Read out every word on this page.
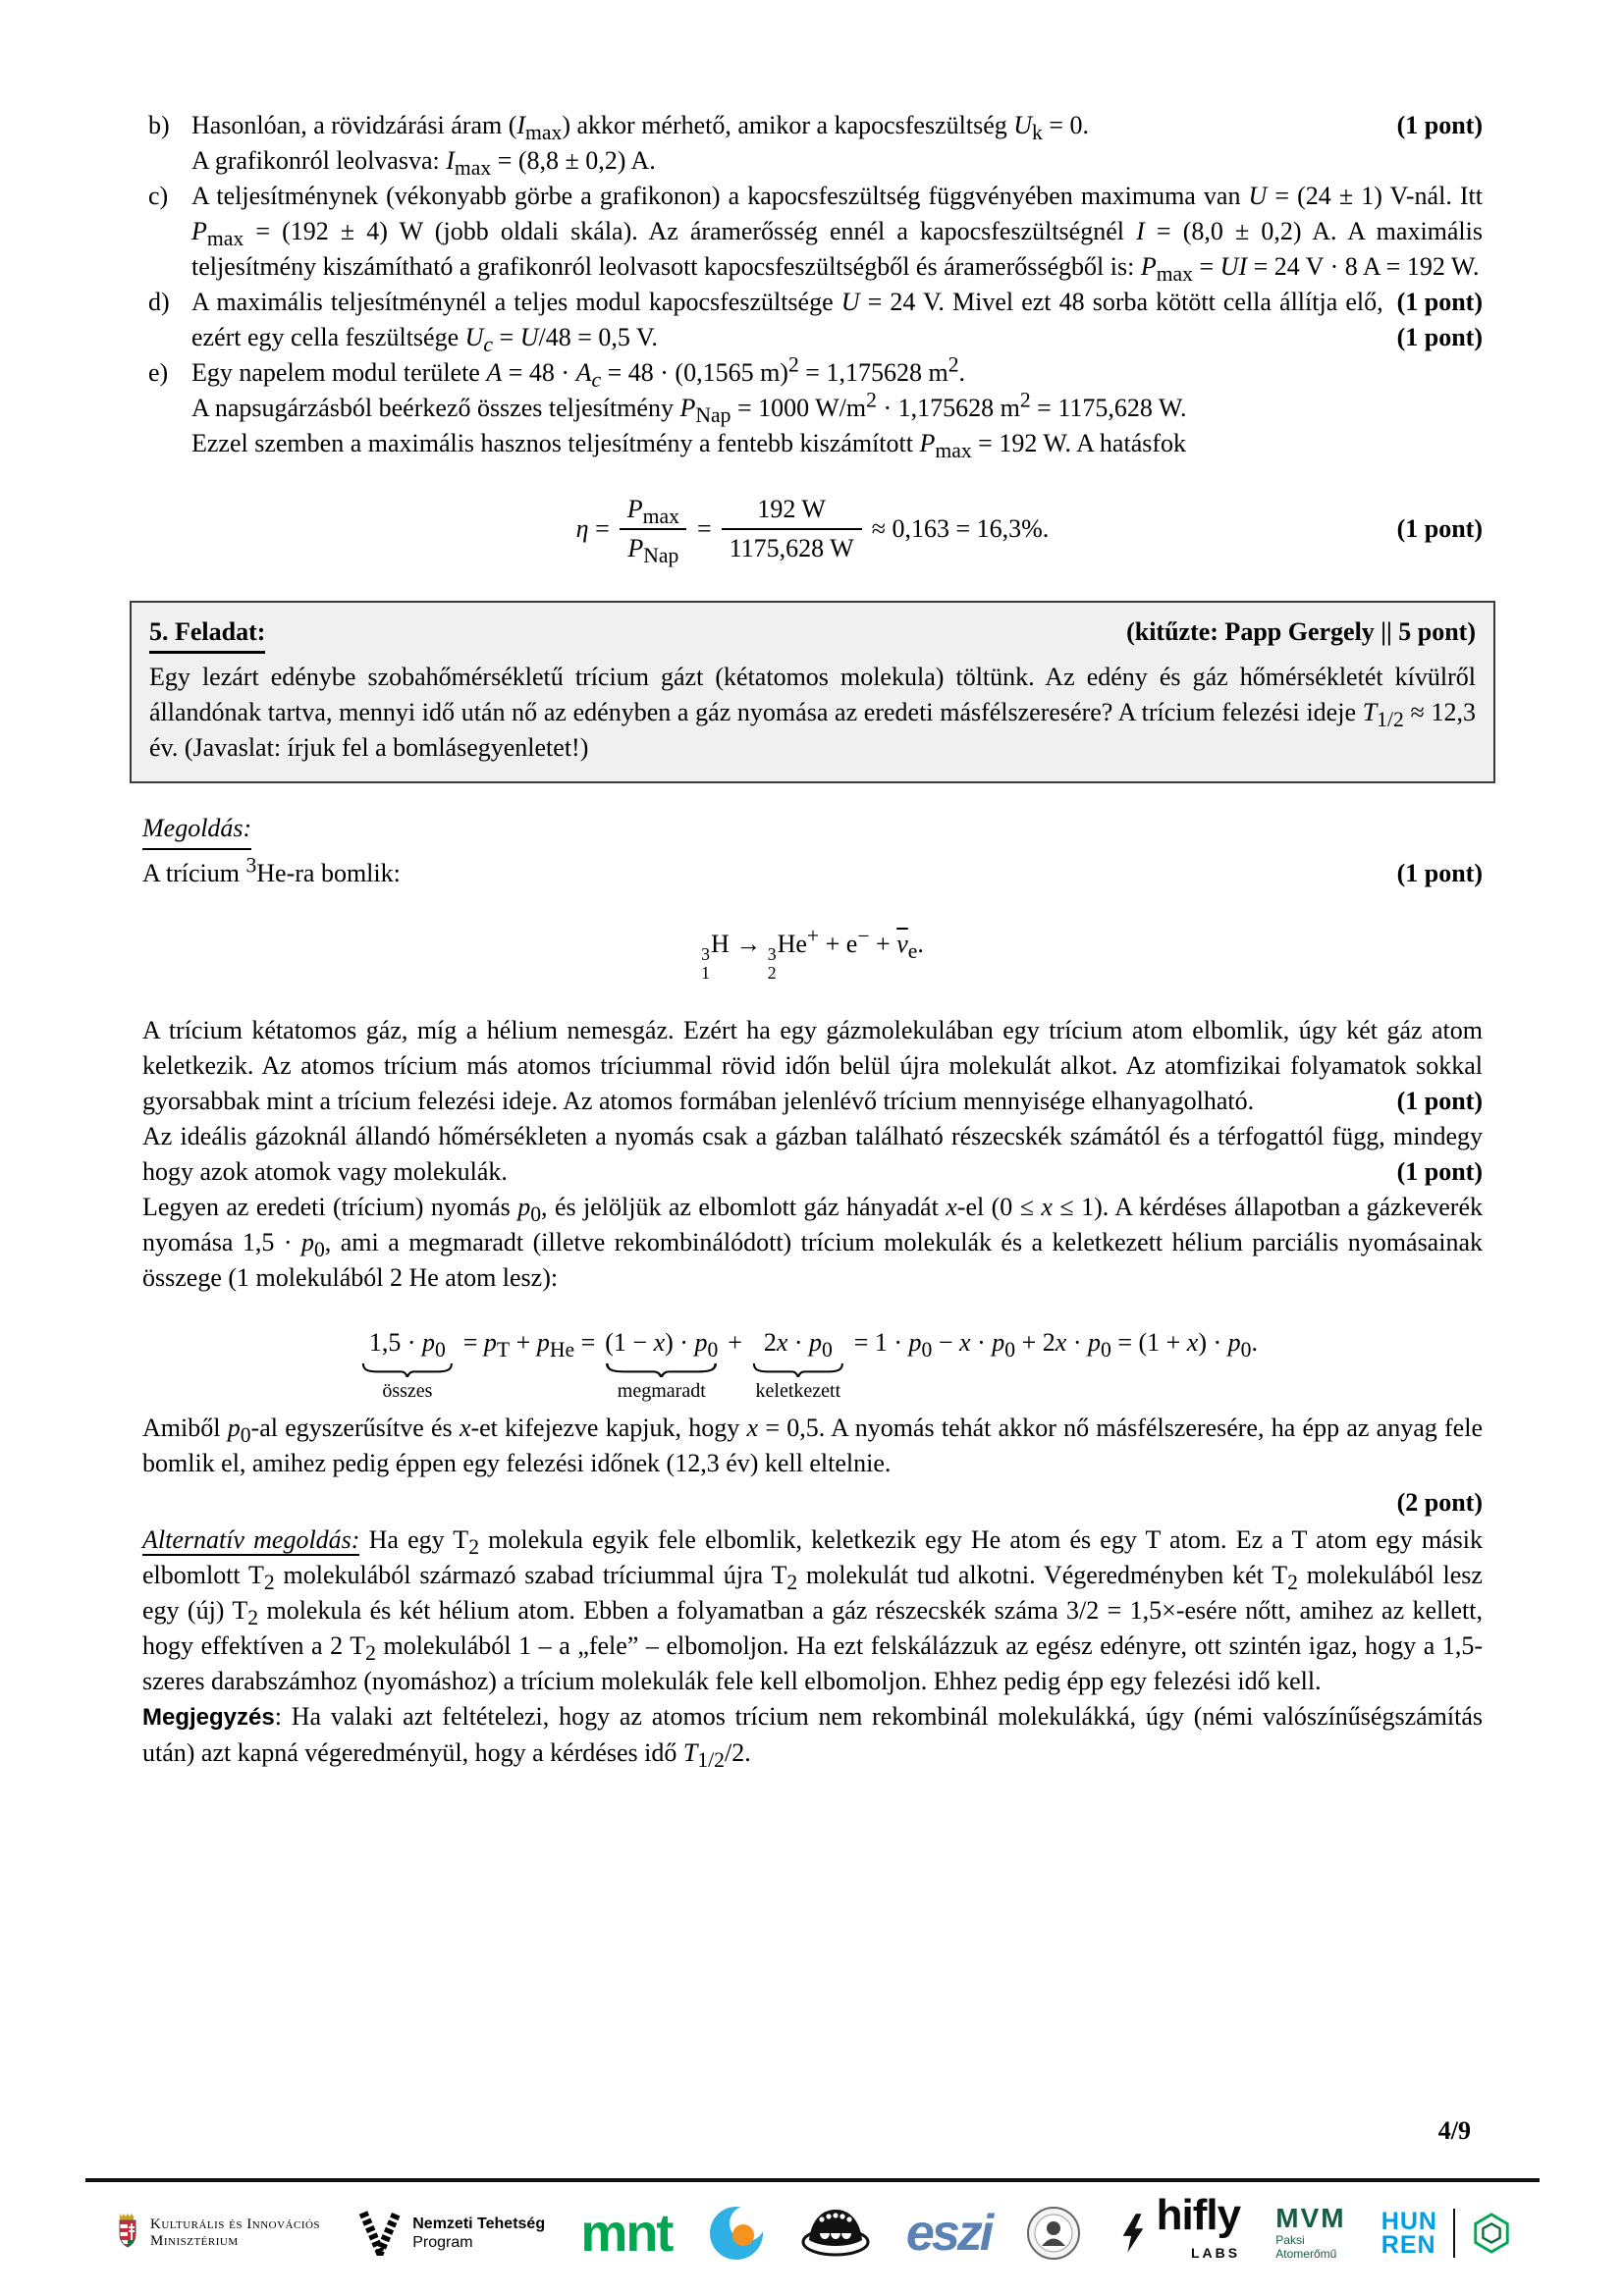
b)	(1 pont)
Hasonlóan, a rövidzárási áram $(I_{max})$ akkor mérhető, amikor a kapocsfeszültség $U_k = 0$.
A grafikonról leolvasva: $I_{max} = (8,8 \pm 0,2)$ A.
c) A teljesítménynek (vékonyabb görbe a grafikonon) a kapocsfeszültség függvényében maximuma van U = (24 ± 1) V-nál. Itt $P_{max} = (192 \pm 4)$ W (jobb oldali skála). Az áramerősség ennél a kapocsfeszültségnél I = (8,0 ± 0,2) A. A maximális teljesítmény kiszámítható a grafikonról leolvasott kapocsfeszültségből és áramerősségből is: $P_{max}$ = UI = 24 V · 8 A = 192 W.
(1 pont)
d) A maximális teljesítménynél a teljes modul kapocsfeszültsége U = 24 V. Mivel ezt 48 sorba kötött cella állítja elő, ezért egy cella feszültsége $U_c = U/48 = 0,5$ V.	(1 pont)
e) Egy napelem modul területe $A = 48 \cdot A_c = 48 \cdot (0,1565$ m)$^2$ = 1,175628 $m^2$.
A napsugárzásból beérkező összes teljesítmény $P_{Nap} = 1000$ $W/m^2 \cdot 1,175628$ $m^2 = 1175,628$ W.
Ezzel szemben a maximális hasznos teljesítmény a fentebb kiszámított $P_{max} = 192$ W. A hatásfok
$\eta = \frac{P_{max}}{P_{Nap}} = \frac{192 W}{1175,628 W} \approx 0,163 = 16,3\%$.	(1 pont)
5. Feladat:	(kitűzte: Papp Gergely || 5 pont)

Egy lezárt edénybe szobahőmérsékletű trícium gázt (kétatomos molekula) töltünk. Az edény és gáz hőmérsékletét kívülről állandónak tartva, mennyi idő után nő az edényben a gáz nyomása az eredeti másfélszeresére? A trícium felezési ideje $T_{1/2} \approx 12,3$ év. (Javaslat: írjuk fel a bomlásegyenletet!)

Megoldás:
(1 pont)
A trícium $^3$He-ra bomlik:
3
1
H → 3
2
$He^+ + e^- + \overline{\nu}_e$.
A trícium kétatomos gáz, míg a hélium nemesgáz. Ezért ha egy gázmolekulában egy trícium atom elbomlik, úgy két gáz atom keletkezik. Az atomos trícium más atomos tríciummal rövid időn belül újra molekulát alkot. Az atomfizikai folyamatok sokkal gyorsabbak mint a trícium felezési ideje. Az atomos formában jelenlévő trícium mennyisége elhanyagolható.	(1 pont)
Az ideális gázoknál állandó hőmérsékleten a nyomás csak a gázban található részecskék számától és a térfogattól függ, mindegy hogy azok atomok vagy molekulák.	(1 pont)
Legyen az eredeti (trícium) nyomás $p_0$, és jelöljük az elbomlott gáz hányadát x-el (0 ≤ x ≤ 1). A kérdéses állapotban a gázkeverék nyomása $1,5 \cdot p_0$, ami a megmaradt (illetve rekombinálódott) trícium molekulák és a keletkezett hélium parciális nyomásainak összege (1 molekulából 2 He atom lesz):
$1,5 \cdot p_0$
összes
= $p_T + p_{He} = (1 - x) \cdot p_0$
megmaradt
+ $2x \cdot p_0$
keletkezett
= $1 \cdot p_0 - x \cdot p_0 + 2x \cdot p_0 = (1 + x) \cdot p_0$.
Amiből $p_0-al$ egyszerűsítve és x-et kifejezve kapjuk, hogy x = 0,5. A nyomás tehát akkor nő másfélszeresére, ha épp az anyag fele bomlik el, amihez pedig éppen egy felezési időnek (12,3 év) kell eltelnie.
(2 pont)
Alternatív megoldás: Ha egy $T_2$ molekula egyik fele elbomlik, keletkezik egy He atom és egy T atom. Ez a T atom egy másik elbomlott $T_2$ molekulából származó szabad tríciummal újra $T_2$ molekulát tud alkotni. Végeredményben két $T_2$ molekulából lesz egy (új) $T_2$ molekula és két hélium atom. Ebben a folyamatban a gáz részecskék száma 3/2 = 1,5×-esére nőtt, amihez az kellett, hogy effektíven a 2 $T_2$ molekulából 1 – a „fele” – elbomoljon. Ha ezt felskálázzuk az egész edényre, ott szintén igaz, hogy a 1,5-szeres darabszámhoz (nyomáshoz) a trícium molekulák fele kell elbomoljon. Ehhez pedig épp egy felezési idő kell.
Megjegyzés: Ha valaki azt feltételezi, hogy az atomos trícium nem rekombinál molekulákká, úgy (némi valószínűségszámítás után) azt kapná végeredményül, hogy a kérdéses idő $T_{1/2}/2$.
4/9
Kulturális és Innovációs
Minisztérium
Nemzeti Tehetség
Program	mnt	eszi	hifly
LABS
MVM
Paksi
Atomerőmű
HUN
REN
